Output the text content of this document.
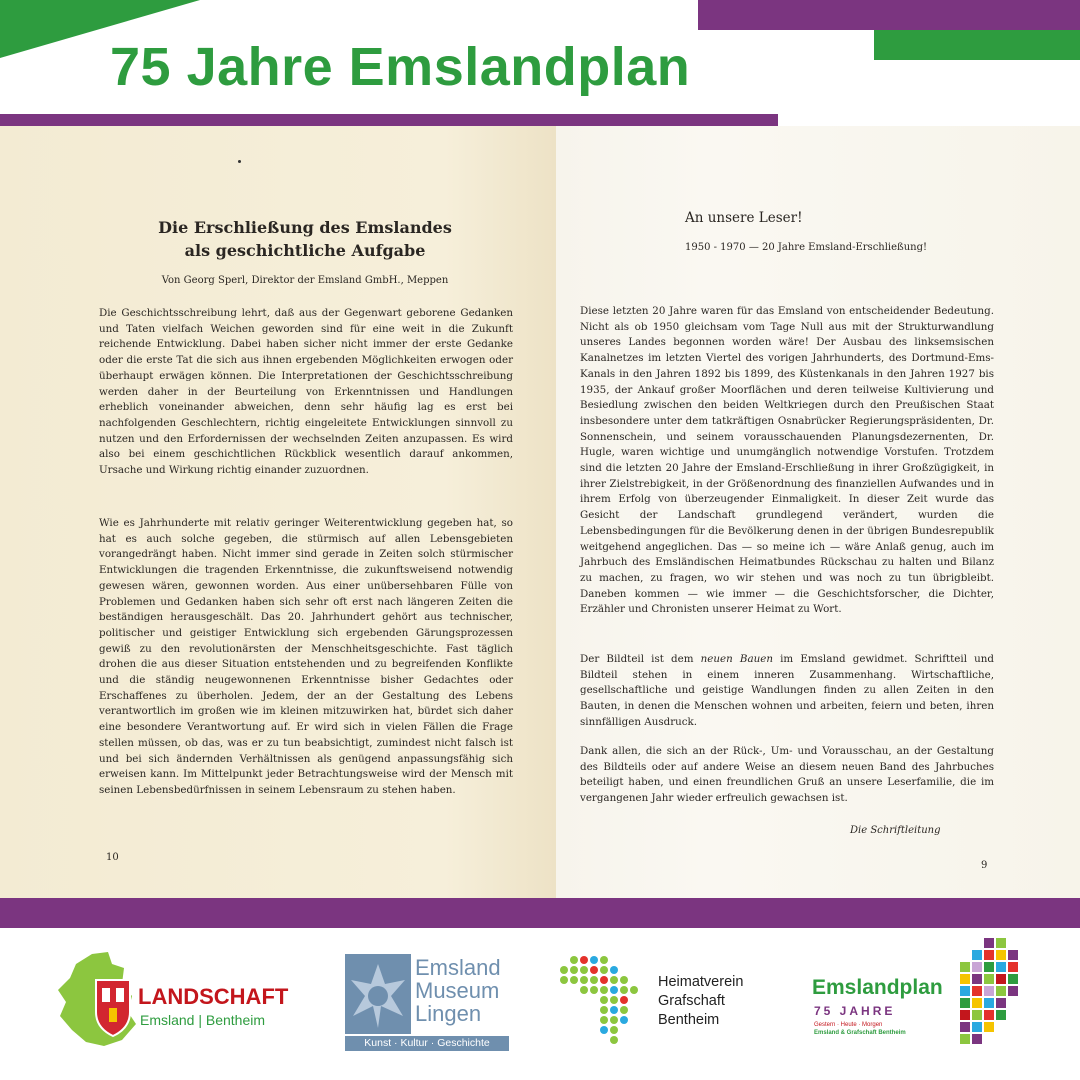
75 Jahre Emslandplan
Die Erschließung des Emslandes
als geschichtliche Aufgabe
Von Georg Sperl, Direktor der Emsland GmbH., Meppen
Die Geschichtsschreibung lehrt, daß aus der Gegenwart geborene Gedanken und Taten vielfach Weichen geworden sind für eine weit in die Zukunft reichende Entwicklung. Dabei haben sicher nicht immer der erste Gedanke oder die erste Tat die sich aus ihnen ergebenden Möglichkeiten erwogen oder überhaupt erwägen können. Die Interpretationen der Geschichtsschreibung werden daher in der Beurteilung von Erkenntnissen und Handlungen erheblich voneinander abweichen, denn sehr häufig lag es erst bei nachfolgenden Geschlechtern, richtig eingeleitete Entwicklungen sinnvoll zu nutzen und den Erfordernissen der wechselnden Zeiten anzupassen. Es wird also bei einem geschichtlichen Rückblick wesentlich darauf ankommen, Ursache und Wirkung richtig einander zuzuordnen.
Wie es Jahrhunderte mit relativ geringer Weiterentwicklung gegeben hat, so hat es auch solche gegeben, die stürmisch auf allen Lebensgebieten vorangedrängt haben. Nicht immer sind gerade in Zeiten solch stürmischer Entwicklungen die tragenden Erkenntnisse, die zukunftsweisend notwendig gewesen wären, gewonnen worden. Aus einer unübersehbaren Fülle von Problemen und Gedanken haben sich sehr oft erst nach längeren Zeiten die beständigen herausgeschält. Das 20. Jahrhundert gehört aus technischer, politischer und geistiger Entwicklung sich ergebenden Gärungsprozessen gewiß zu den revolutionärsten der Menschheitsgeschichte. Fast täglich drohen die aus dieser Situation entstehenden und zu begreifenden Konflikte und die ständig neugewonnenen Erkenntnisse bisher Gedachtes oder Erschaffenes zu überholen. Jedem, der an der Gestaltung des Lebens verantwortlich im großen wie im kleinen mitzuwirken hat, bürdet sich daher eine besondere Verantwortung auf. Er wird sich in vielen Fällen die Frage stellen müssen, ob das, was er zu tun beabsichtigt, zumindest nicht falsch ist und bei sich ändernden Verhältnissen als genügend anpassungsfähig sich erweisen kann. Im Mittelpunkt jeder Betrachtungsweise wird der Mensch mit seinen Lebensbedürfnissen in seinem Lebensraum zu stehen haben.
10
An unsere Leser!
1950 - 1970 — 20 Jahre Emsland-Erschließung!
Diese letzten 20 Jahre waren für das Emsland von entscheidender Bedeutung. Nicht als ob 1950 gleichsam vom Tage Null aus mit der Strukturwandlung unseres Landes begonnen worden wäre! Der Ausbau des linksemsischen Kanalnetzes im letzten Viertel des vorigen Jahrhunderts, des Dortmund-Ems-Kanals in den Jahren 1892 bis 1899, des Küstenkanals in den Jahren 1927 bis 1935, der Ankauf großer Moorflächen und deren teilweise Kultivierung und Besiedlung zwischen den beiden Weltkriegen durch den Preußischen Staat insbesondere unter dem tatkräftigen Osnabrücker Regierungspräsidenten, Dr. Sonnenschein, und seinem vorausschauenden Planungsdezernenten, Dr. Hugle, waren wichtige und unumgänglich notwendige Vorstufen. Trotzdem sind die letzten 20 Jahre der Emsland-Erschließung in ihrer Großzügigkeit, in ihrer Zielstrebigkeit, in der Größenordnung des finanziellen Aufwandes und in ihrem Erfolg von überzeugender Einmaligkeit. In dieser Zeit wurde das Gesicht der Landschaft grundlegend verändert, wurden die Lebensbedingungen für die Bevölkerung denen in der übrigen Bundesrepublik weitgehend angeglichen. Das — so meine ich — wäre Anlaß genug, auch im Jahrbuch des Emsländischen Heimatbundes Rückschau zu halten und Bilanz zu machen, zu fragen, wo wir stehen und was noch zu tun übrigbleibt. Daneben kommen — wie immer — die Geschichtsforscher, die Dichter, Erzähler und Chronisten unserer Heimat zu Wort.
Der Bildteil ist dem neuen Bauen im Emsland gewidmet. Schriftteil und Bildteil stehen in einem inneren Zusammenhang. Wirtschaftliche, gesellschaftliche und geistige Wandlungen finden zu allen Zeiten in den Bauten, in denen die Menschen wohnen und arbeiten, feiern und beten, ihren sinnfälligen Ausdruck.
Dank allen, die sich an der Rück-, Um- und Vorausschau, an der Gestaltung des Bildteils oder auf andere Weise an diesem neuen Band des Jahrbuches beteiligt haben, und einen freundlichen Gruß an unsere Leserfamilie, die im vergangenen Jahr wieder erfreulich gewachsen ist.
Die Schriftleitung
9
LANDSCHAFT
Emsland | Bentheim
Emsland
Museum
Lingen
Kunst · Kultur · Geschichte
Heimatverein
Grafschaft
Bentheim
Emslandplan
75 JAHRE
Gestern · Heute · Morgen
Emsland & Grafschaft Bentheim
